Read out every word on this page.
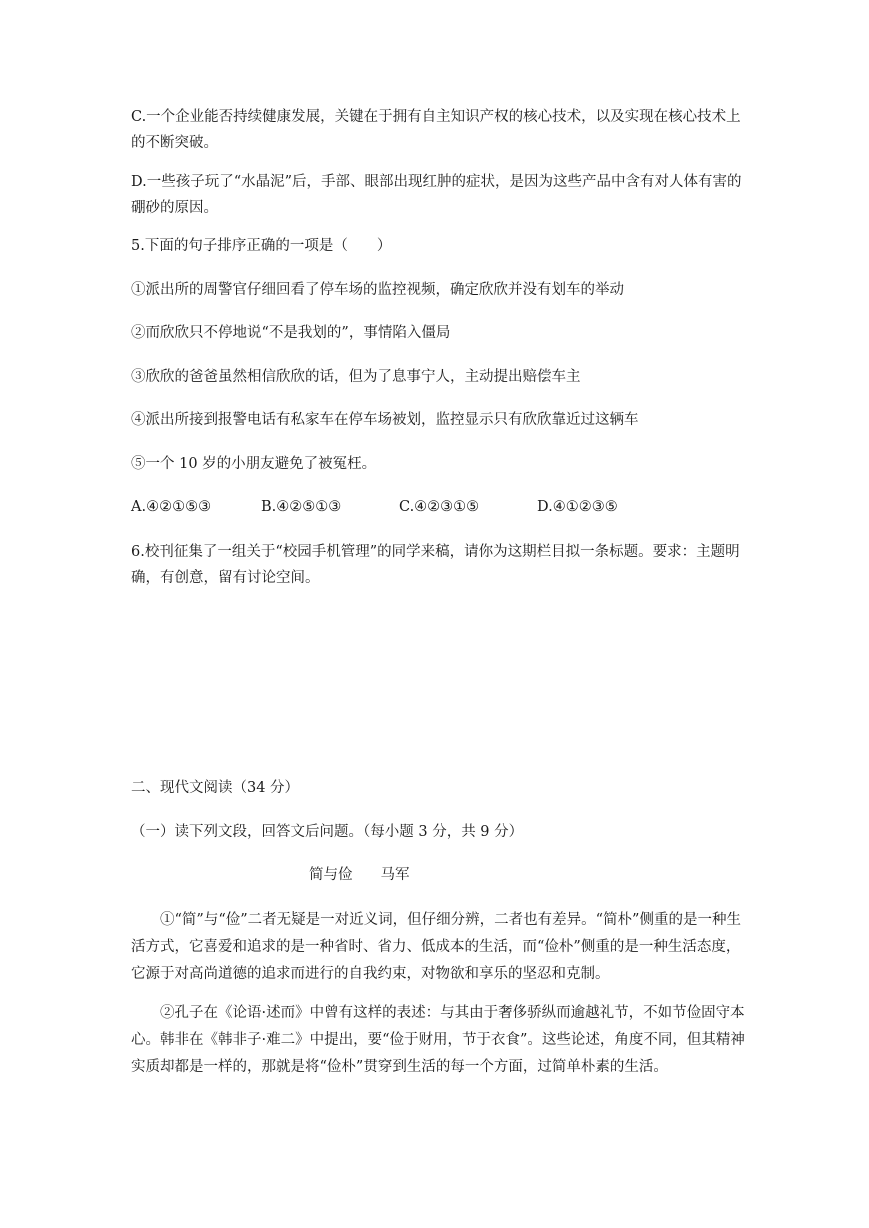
C.一个企业能否持续健康发展，关键在于拥有自主知识产权的核心技术，以及实现在核心技术上的不断突破。

D.一些孩子玩了“水晶泥”后，手部、眼部出现红肿的症状，是因为这些产品中含有对人体有害的硼砂的原因。

5.下面的句子排序正确的一项是（　　）

①派出所的周警官仔细回看了停车场的监控视频，确定欣欣并没有划车的举动

②而欣欣只不停地说“不是我划的”，事情陷入僵局

③欣欣的爸爸虽然相信欣欣的话，但为了息事宁人，主动提出赔偿车主

④派出所接到报警电话有私家车在停车场被划，监控显示只有欣欣靠近过这辆车

⑤一个 10 岁的小朋友避免了被冤枉。

A.④②①⑤③	B.④②⑤①③	C.④②③①⑤	D.④①②③⑤

6.校刊征集了一组关于“校园手机管理”的同学来稿，请你为这期栏目拟一条标题。要求：主题明确，有创意，留有讨论空间。

二、现代文阅读（34 分）

（一）读下列文段，回答文后问题。（每小题 3 分，共 9 分）

简与俭 马军

①“简”与“俭”二者无疑是一对近义词，但仔细分辨，二者也有差异。“简朴”侧重的是一种生活方式，它喜爱和追求的是一种省时、省力、低成本的生活，而“俭朴”侧重的是一种生活态度，它源于对高尚道德的追求而进行的自我约束，对物欲和享乐的坚忍和克制。

②孔子在《论语·述而》中曾有这样的表述：与其由于奢侈骄纵而逾越礼节，不如节俭固守本心。韩非在《韩非子·难二》中提出，要“俭于财用，节于衣食”。这些论述，角度不同，但其精神实质却都是一样的，那就是将“俭朴”贯穿到生活的每一个方面，过简单朴素的生活。
